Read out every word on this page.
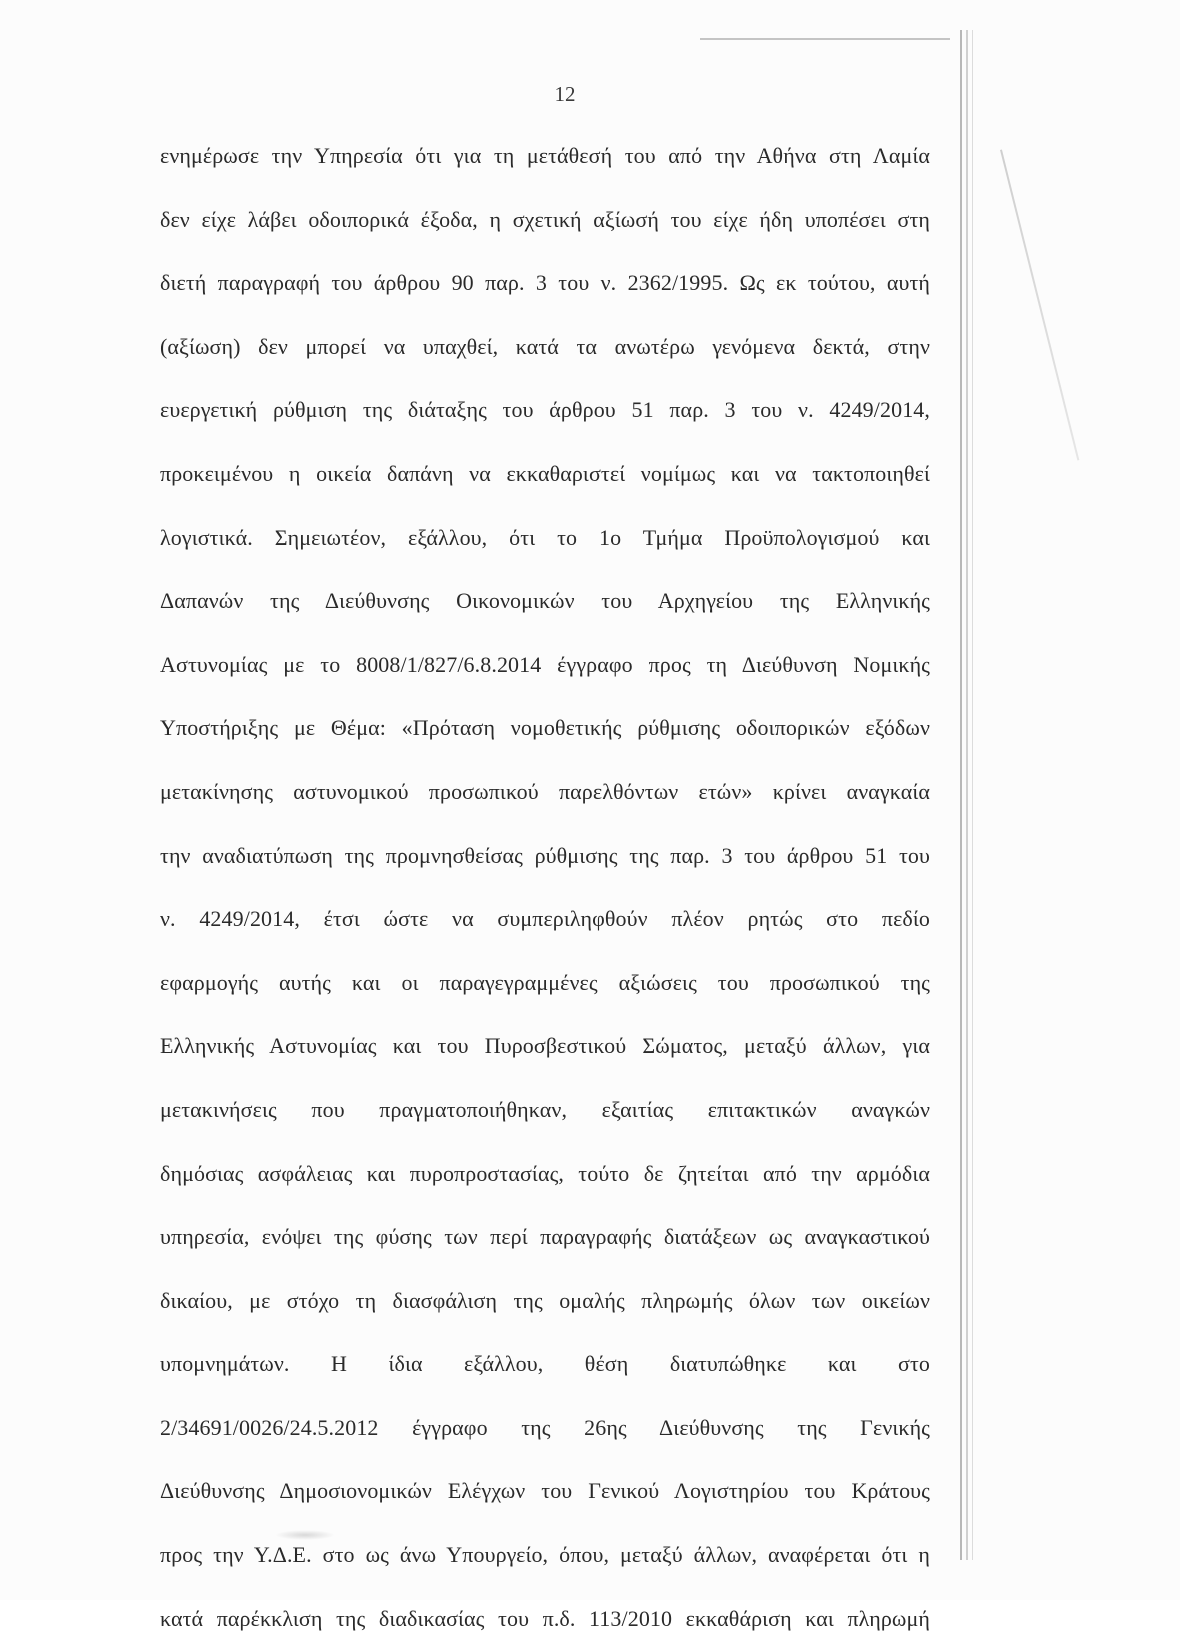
12
ενημέρωσε την Υπηρεσία ότι για τη μετάθεσή του από την Αθήνα στη Λαμία
δεν είχε λάβει οδοιπορικά έξοδα, η σχετική αξίωσή του είχε ήδη υποπέσει στη
διετή παραγραφή του άρθρου 90 παρ. 3 του ν. 2362/1995. Ως εκ τούτου, αυτή
(αξίωση) δεν μπορεί να υπαχθεί, κατά τα ανωτέρω γενόμενα δεκτά, στην
ευεργετική ρύθμιση της διάταξης του άρθρου 51 παρ. 3 του ν. 4249/2014,
προκειμένου η οικεία δαπάνη να εκκαθαριστεί νομίμως και να τακτοποιηθεί
λογιστικά. Σημειωτέον, εξάλλου, ότι το 1ο Τμήμα Προϋπολογισμού και
Δαπανών της Διεύθυνσης Οικονομικών του Αρχηγείου της Ελληνικής
Αστυνομίας με το 8008/1/827/6.8.2014 έγγραφο προς τη Διεύθυνση Νομικής
Υποστήριξης με Θέμα: «Πρόταση νομοθετικής ρύθμισης οδοιπορικών εξόδων
μετακίνησης αστυνομικού προσωπικού παρελθόντων ετών» κρίνει αναγκαία
την αναδιατύπωση της προμνησθείσας ρύθμισης της παρ. 3 του άρθρου 51 του
ν. 4249/2014, έτσι ώστε να συμπεριληφθούν πλέον ρητώς στο πεδίο
εφαρμογής αυτής και οι παραγεγραμμένες αξιώσεις του προσωπικού της
Ελληνικής Αστυνομίας και του Πυροσβεστικού Σώματος, μεταξύ άλλων, για
μετακινήσεις που πραγματοποιήθηκαν, εξαιτίας επιτακτικών αναγκών
δημόσιας ασφάλειας και πυροπροστασίας, τούτο δε ζητείται από την αρμόδια
υπηρεσία, ενόψει της φύσης των περί παραγραφής διατάξεων ως αναγκαστικού
δικαίου, με στόχο τη διασφάλιση της ομαλής πληρωμής όλων των οικείων
υπομνημάτων. Η ίδια εξάλλου, θέση διατυπώθηκε και στο
2/34691/0026/24.5.2012 έγγραφο της 26ης Διεύθυνσης της Γενικής
Διεύθυνσης Δημοσιονομικών Ελέγχων του Γενικού Λογιστηρίου του Κράτους
προς την Υ.Δ.Ε. στο ως άνω Υπουργείο, όπου, μεταξύ άλλων, αναφέρεται ότι η
κατά παρέκκλιση της διαδικασίας του π.δ. 113/2010 εκκαθάριση και πληρωμή
